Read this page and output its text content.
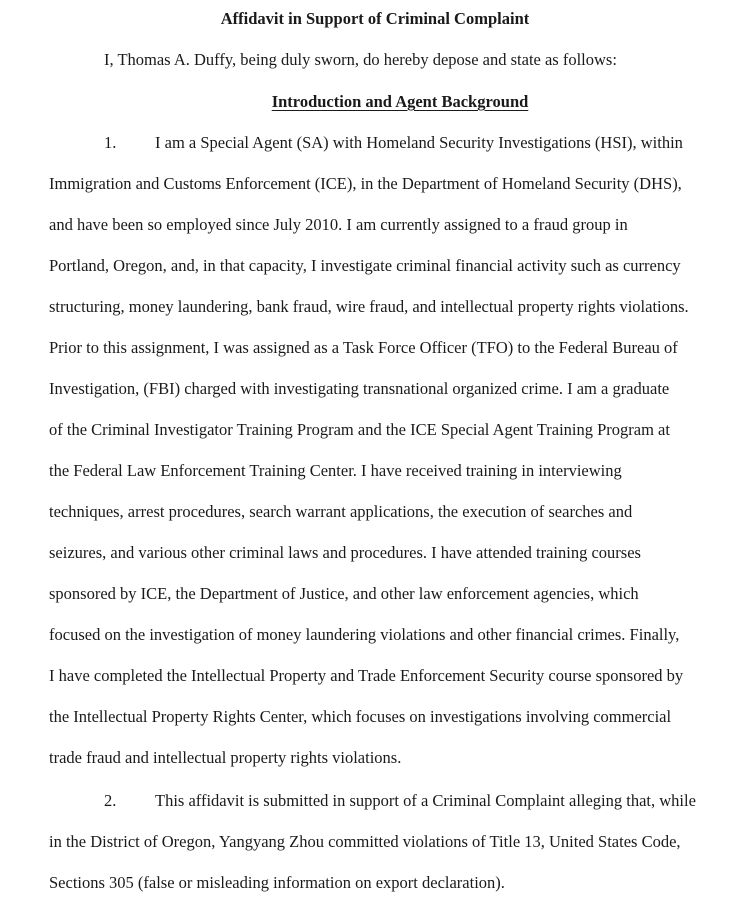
Affidavit in Support of Criminal Complaint
I, Thomas A. Duffy, being duly sworn, do hereby depose and state as follows:
Introduction and Agent Background
1. I am a Special Agent (SA) with Homeland Security Investigations (HSI), within
Immigration and Customs Enforcement (ICE), in the Department of Homeland Security (DHS),
and have been so employed since July 2010. I am currently assigned to a fraud group in
Portland, Oregon, and, in that capacity, I investigate criminal financial activity such as currency
structuring, money laundering, bank fraud, wire fraud, and intellectual property rights violations.
Prior to this assignment, I was assigned as a Task Force Officer (TFO) to the Federal Bureau of
Investigation, (FBI) charged with investigating transnational organized crime. I am a graduate
of the Criminal Investigator Training Program and the ICE Special Agent Training Program at
the Federal Law Enforcement Training Center. I have received training in interviewing
techniques, arrest procedures, search warrant applications, the execution of searches and
seizures, and various other criminal laws and procedures. I have attended training courses
sponsored by ICE, the Department of Justice, and other law enforcement agencies, which
focused on the investigation of money laundering violations and other financial crimes. Finally,
I have completed the Intellectual Property and Trade Enforcement Security course sponsored by
the Intellectual Property Rights Center, which focuses on investigations involving commercial
trade fraud and intellectual property rights violations.
2. This affidavit is submitted in support of a Criminal Complaint alleging that, while
in the District of Oregon, Yangyang Zhou committed violations of Title 13, United States Code,
Sections 305 (false or misleading information on export declaration).
